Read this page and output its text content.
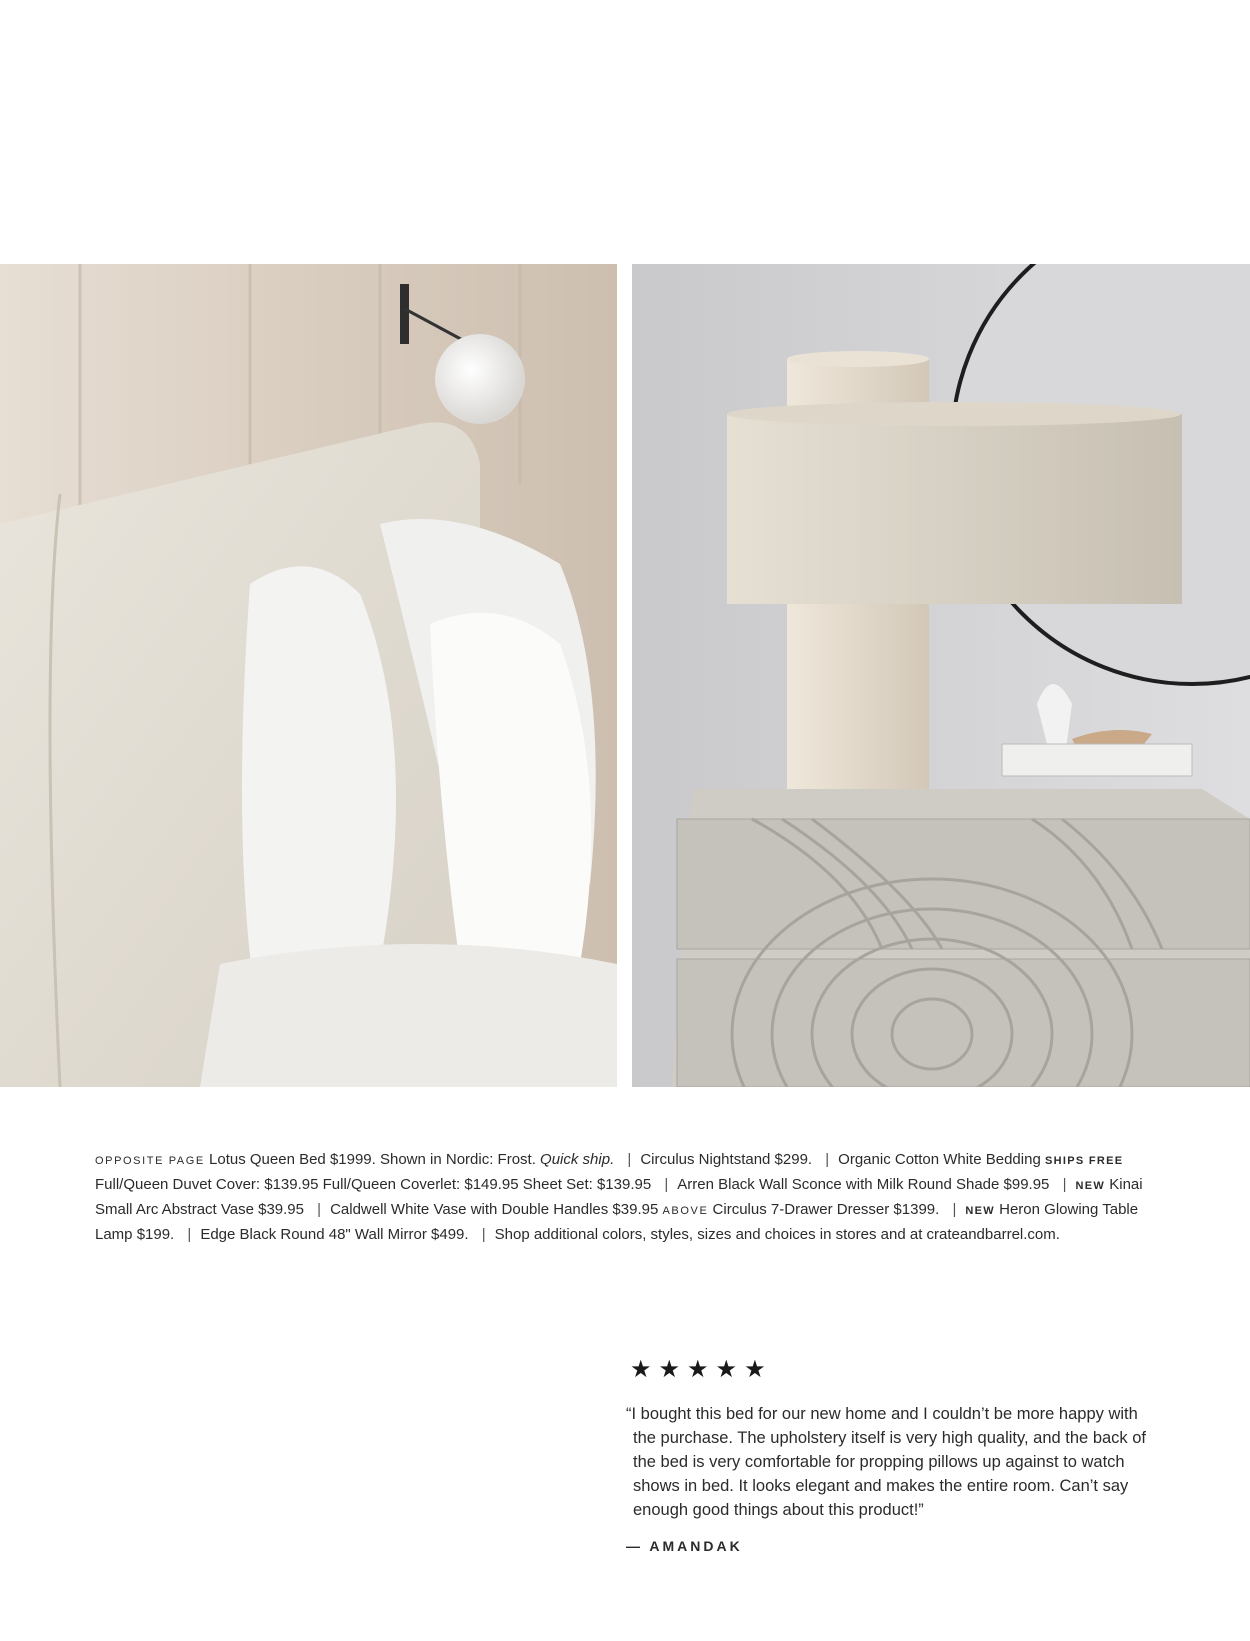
OPPOSITE PAGE Lotus Queen Bed $1999. Shown in Nordic: Frost. Quick ship. | Circulus Nightstand $299. | Organic Cotton White Bedding SHIPS FREE Full/Queen Duvet Cover: $139.95 Full/Queen Coverlet: $149.95 Sheet Set: $139.95 | Arren Black Wall Sconce with Milk Round Shade $99.95 | NEW Kinai Small Arc Abstract Vase $39.95 | Caldwell White Vase with Double Handles $39.95 ABOVE Circulus 7-Drawer Dresser $1399. | NEW Heron Glowing Table Lamp $199. | Edge Black Round 48" Wall Mirror $499. | Shop additional colors, styles, sizes and choices in stores and at crateandbarrel.com.
★★★★★
“I bought this bed for our new home and I couldn’t be more happy with the purchase. The upholstery itself is very high quality, and the back of the bed is very comfortable for propping pillows up against to watch shows in bed. It looks elegant and makes the entire room. Can’t say enough good things about this product!”
— AMANDAK
